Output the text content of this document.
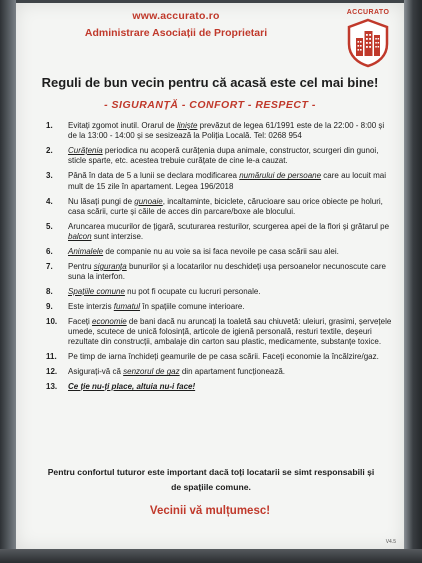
www.accurato.ro
Administrare Asociații de Proprietari
ACCURATO
Reguli de bun vecin pentru că acasă este cel mai bine!
- SIGURANȚĂ - CONFORT - RESPECT -
1. Evitați zgomot inutil. Orarul de liniște prevăzut de legea 61/1991 este de la 22:00 - 8:00 și de la 13:00 - 14:00 și se sesizează la Poliția Locală. Tel: 0268 954
2. Curățenia periodica nu acoperă curățenia dupa animale, constructor, scurgeri din gunoi, sticle sparte, etc. acestea trebuie curățate de cine le-a cauzat.
3. Până în data de 5 a lunii se declara modificarea numărului de persoane care au locuit mai mult de 15 zile în apartament. Legea 196/2018
4. Nu lăsați pungi de gunoaie, incaltaminte, biciclete, cărucioare sau orice obiecte pe holuri, casa scării, curte și căile de acces din parcare/boxe ale blocului.
5. Aruncarea mucurilor de țigară, scuturarea resturilor, scurgerea apei de la flori și grătarul pe balcon sunt interzise.
6. Animalele de companie nu au voie sa isi faca nevoile pe casa scării sau alei.
7. Pentru siguranța bunurilor și a locatarilor nu deschideți ușa persoanelor necunoscute care suna la interfon.
8. Spațiile comune nu pot fi ocupate cu lucruri personale.
9. Este interzis fumatul în spațiile comune interioare.
10. Faceți economie de bani dacă nu aruncați la toaletă sau chiuvetă: uleiuri, grasimi, șervețele umede, scutece de unică folosință, articole de igienă personală, resturi textile, deșeuri rezultate din construcții, ambalaje din carton sau plastic, medicamente, substanțe toxice.
11. Pe timp de iarna închideți geamurile de pe casa scării. Faceți economie la încălzire/gaz.
12. Asigurați-vă că senzorul de gaz din apartament funcționează.
13. Ce ție nu-ți place, altuia nu-i face!
Pentru confortul tuturor este important dacă toți locatarii se simt responsabili și de spațiile comune.
Vecinii vă mulțumesc!
V4.5
